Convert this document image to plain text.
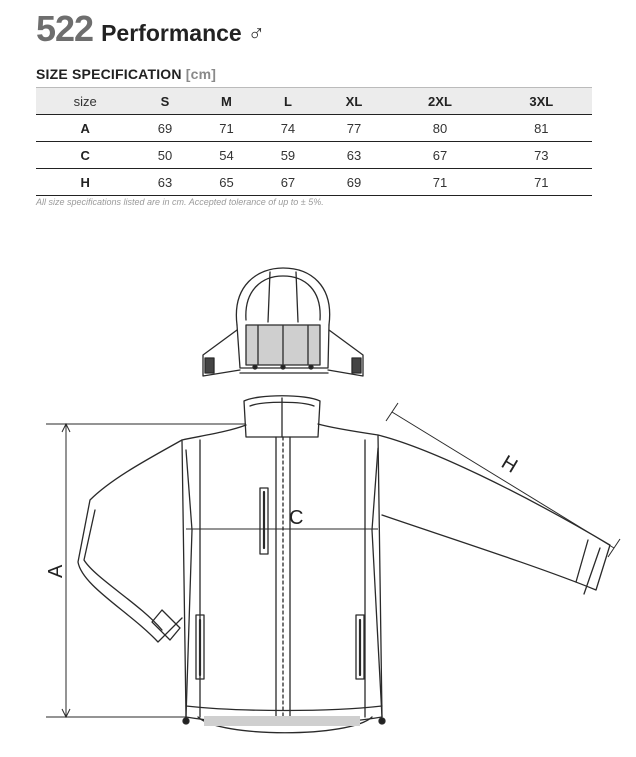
522 Performance ♂
SIZE SPECIFICATION [cm]
size	S	M	L	XL	2XL	3XL
A	69	71	74	77	80	81
C	50	54	59	63	67	73
H	63	65	67	69	71	71
All size specifications listed are in cm. Accepted tolerance of up to ± 5%.
A
C
H
